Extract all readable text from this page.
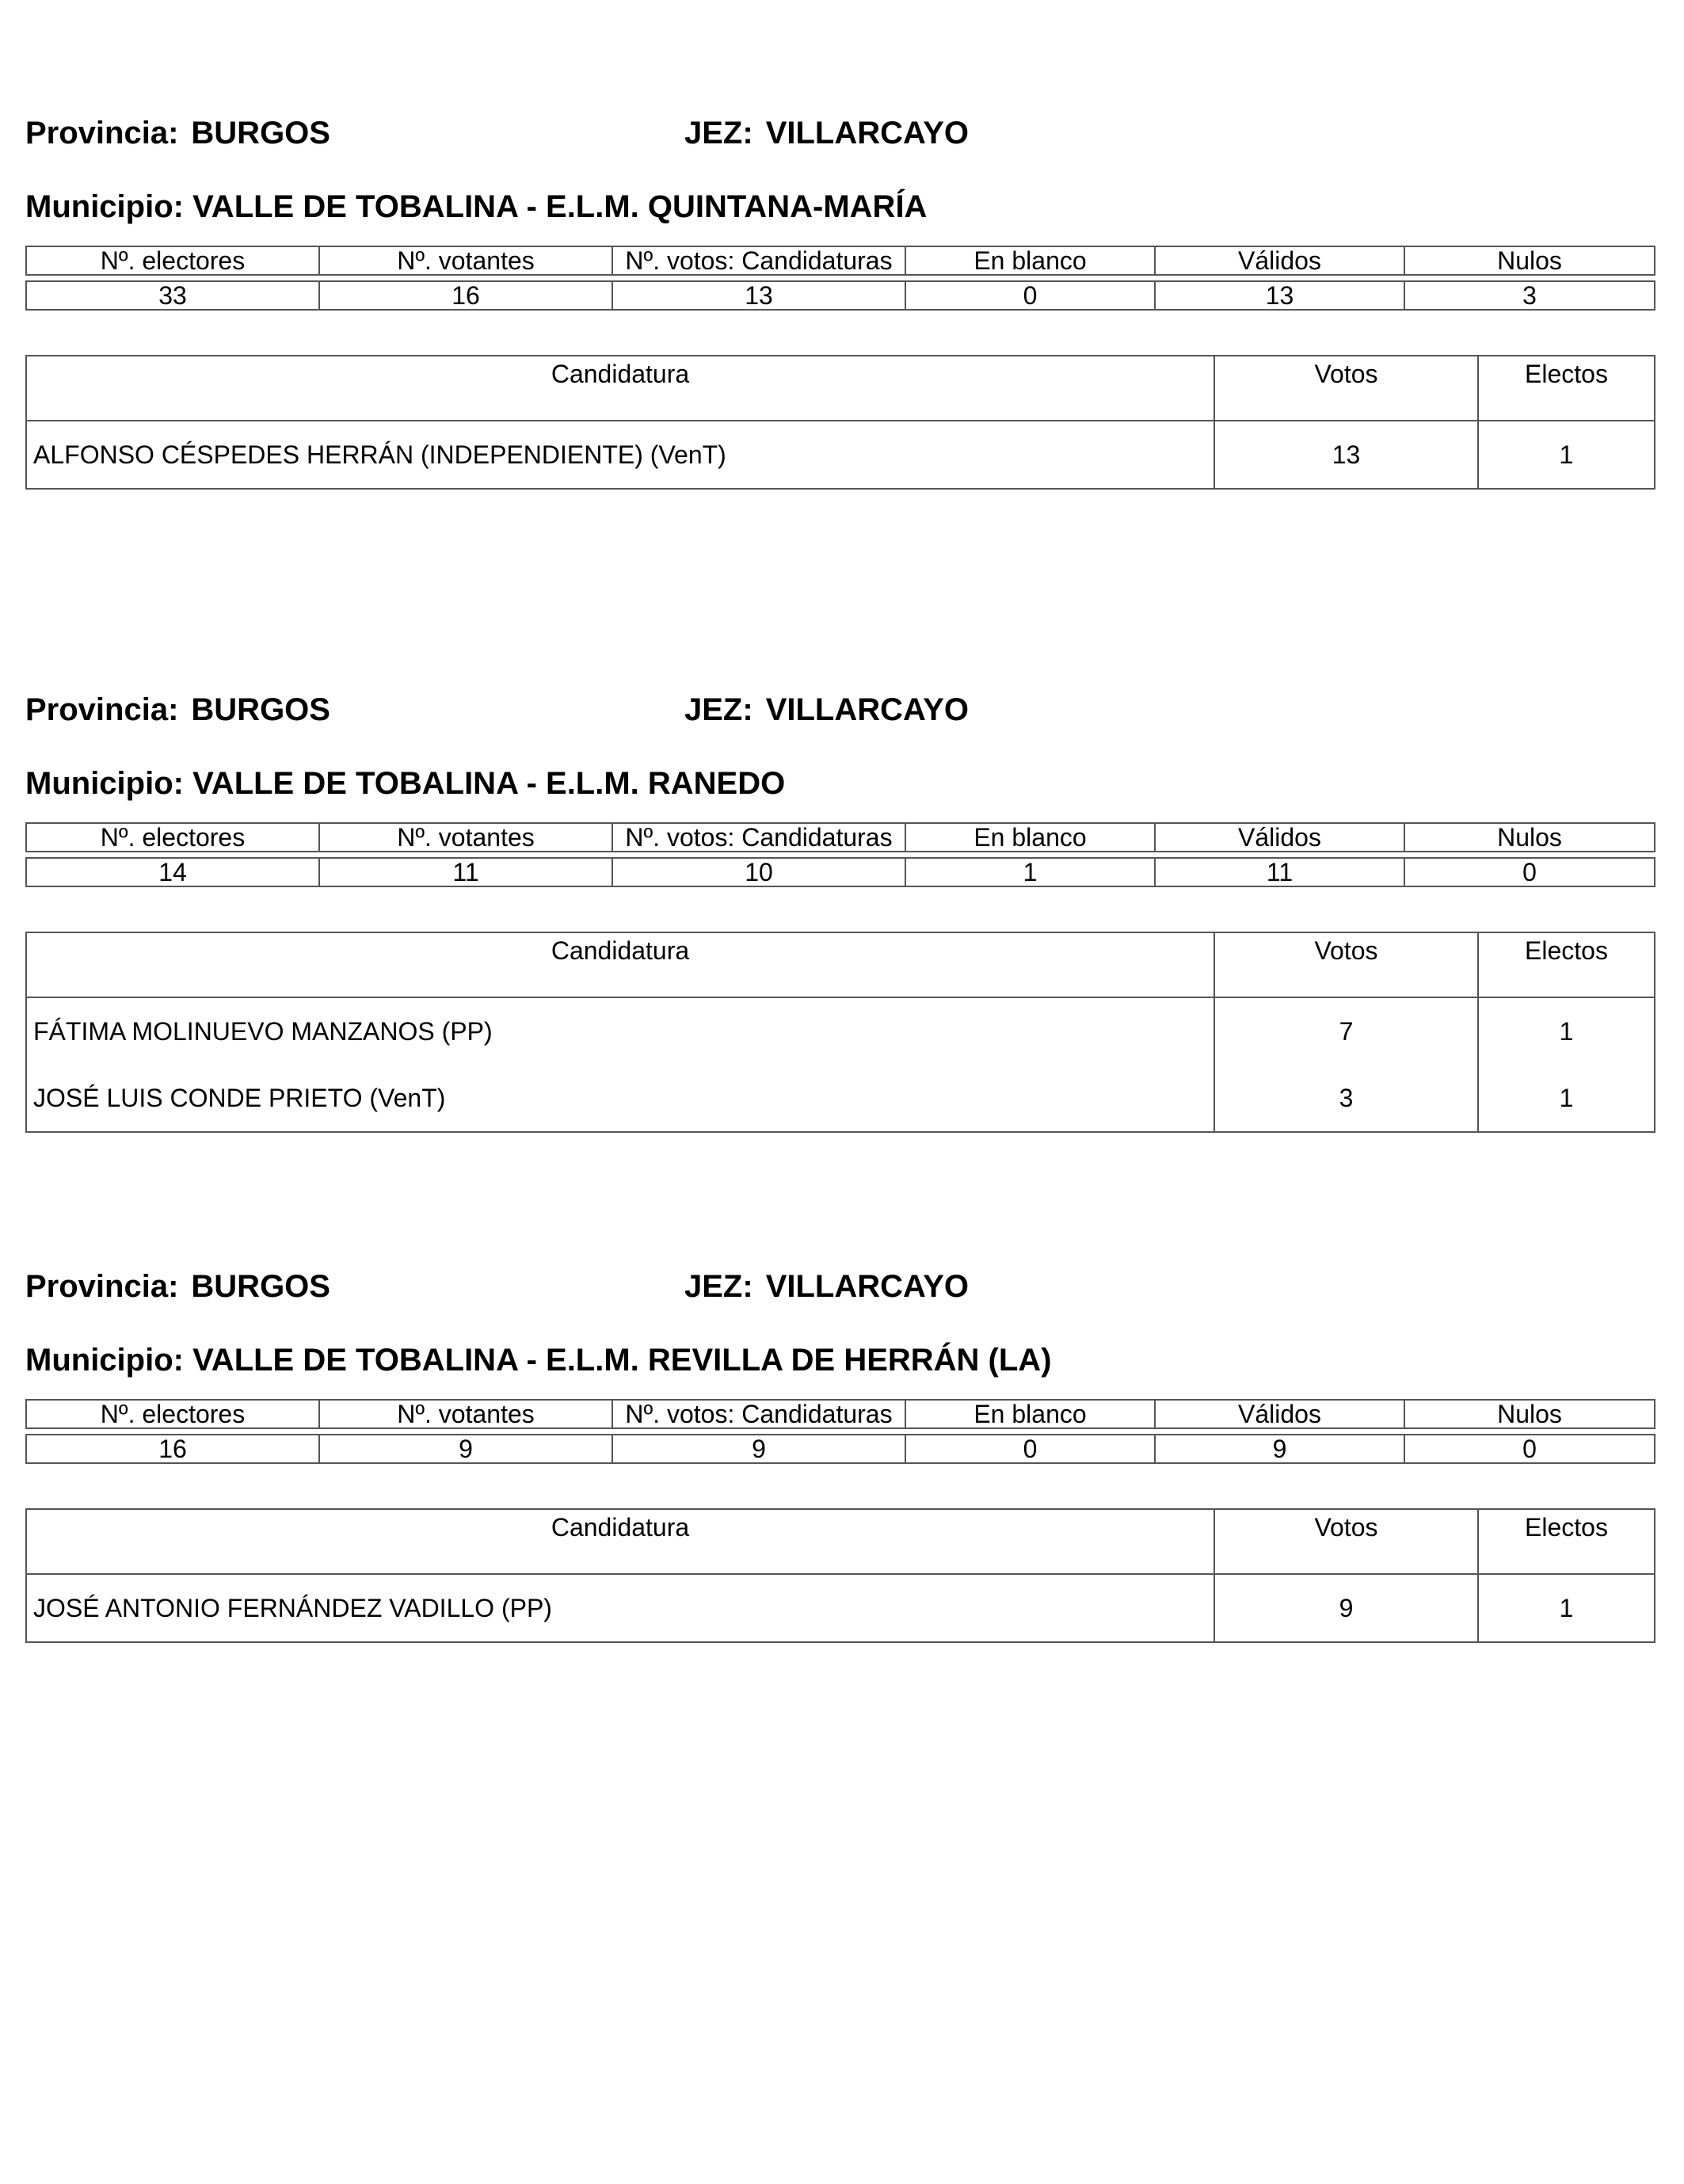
Provincia: BURGOS	JEZ: VILLARCAYO
Municipio: VALLE DE TOBALINA - E.L.M. QUINTANA-MARÍA
Nº. electores	Nº. votantes	Nº. votos: Candidaturas	En blanco	Válidos	Nulos

33	16	13	0	13	3
Candidatura	Votos	Electos
ALFONSO CÉSPEDES HERRÁN (INDEPENDIENTE) (VenT)	13	1
Provincia: BURGOS	JEZ: VILLARCAYO
Municipio: VALLE DE TOBALINA - E.L.M. RANEDO
Nº. electores	Nº. votantes	Nº. votos: Candidaturas	En blanco	Válidos	Nulos

14	11	10	1	11	0
Candidatura	Votos	Electos
FÁTIMA MOLINUEVO MANZANOS (PP)	7	1
JOSÉ LUIS CONDE PRIETO (VenT)	3	1
Provincia: BURGOS	JEZ: VILLARCAYO
Municipio: VALLE DE TOBALINA - E.L.M. REVILLA DE HERRÁN (LA)
Nº. electores	Nº. votantes	Nº. votos: Candidaturas	En blanco	Válidos	Nulos

16	9	9	0	9	0
Candidatura	Votos	Electos
JOSÉ ANTONIO FERNÁNDEZ VADILLO (PP)	9	1
